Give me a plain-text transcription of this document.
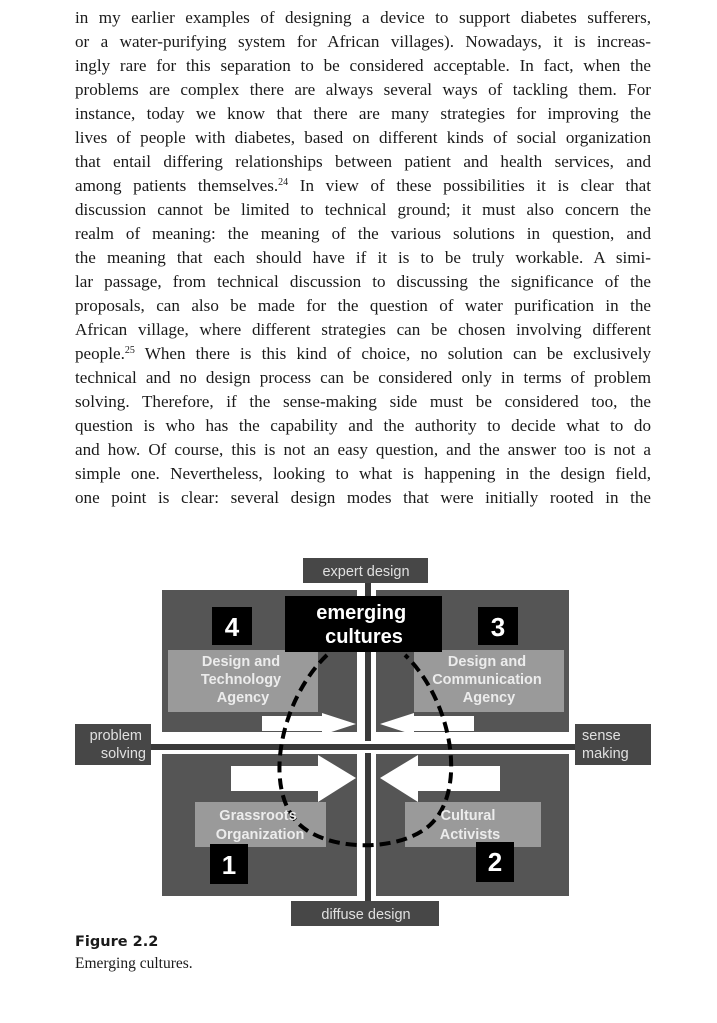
in my earlier examples of designing a device to support diabetes sufferers,
or a water-purifying system for African villages). Nowadays, it is increas-
ingly rare for this separation to be considered acceptable. In fact, when the
problems are complex there are always several ways of tackling them. For
instance, today we know that there are many strategies for improving the
lives of people with diabetes, based on different kinds of social organization
that entail differing relationships between patient and health services, and
among patients themselves.$^{24}$ In view of these possibilities it is clear that
discussion cannot be limited to technical ground; it must also concern the
realm of meaning: the meaning of the various solutions in question, and
the meaning that each should have if it is to be truly workable. A simi-
lar passage, from technical discussion to discussing the significance of the
proposals, can also be made for the question of water purification in the
African village, where different strategies can be chosen involving different
people.$^{25}$ When there is this kind of choice, no solution can be exclusively
technical and no design process can be considered only in terms of problem
solving. Therefore, if the sense-making side must be considered too, the
question is who has the capability and the authority to decide what to do
and how. Of course, this is not an easy question, and the answer too is not a
simple one. Nevertheless, looking to what is happening in the design field,
one point is clear: several design modes that were initially rooted in the
4	3
1	2
emerging cultures
Design and Technology Agency
Design and Communication Agency
Grassroots Organization
Cultural Activists
expert design
diffuse design
problem solving
sense making
Figure 2.2
Emerging cultures.
